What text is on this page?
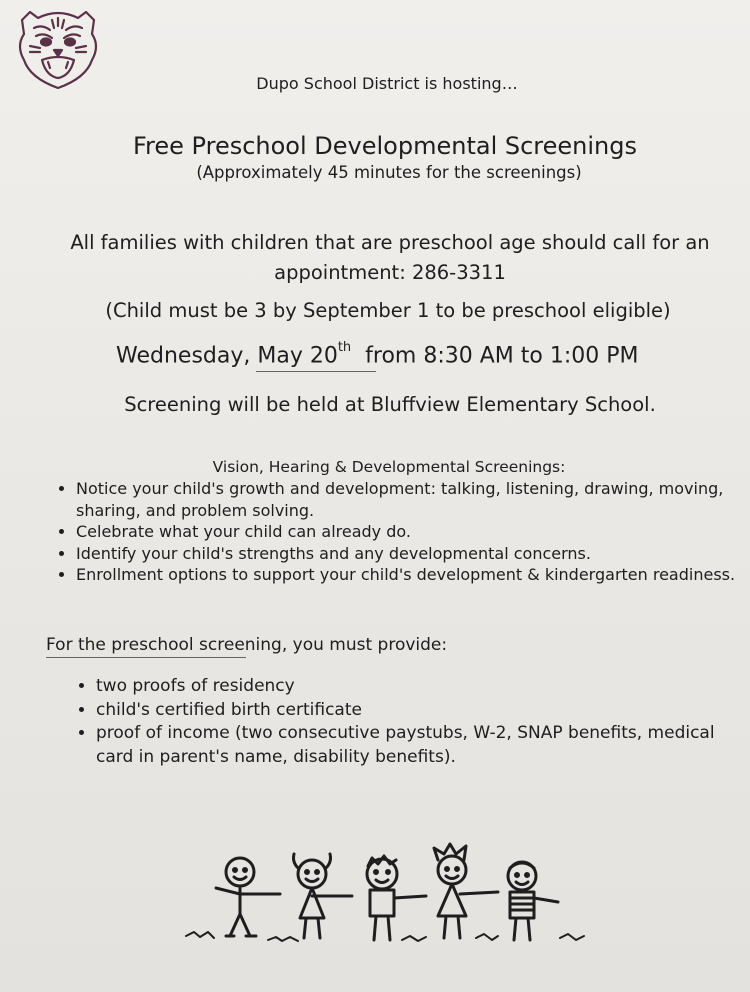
Dupo School District is hosting…
Free Preschool Developmental Screenings
(Approximately 45 minutes for the screenings)
All families with children that are preschool age should call for an appointment: 286-3311
(Child must be 3 by September 1 to be preschool eligible)
Wednesday, May 20th  from 8:30 AM to 1:00 PM
Screening will be held at Bluffview Elementary School.
Vision, Hearing & Developmental Screenings:
• Notice your child's growth and development: talking, listening, drawing, moving, sharing, and problem solving.
• Celebrate what your child can already do.
• Identify your child's strengths and any developmental concerns.
• Enrollment options to support your child's development & kindergarten readiness.
For the preschool screening, you must provide:
• two proofs of residency
• child's certified birth certificate
• proof of income (two consecutive paystubs, W-2, SNAP benefits, medical card in parent's name, disability benefits).
